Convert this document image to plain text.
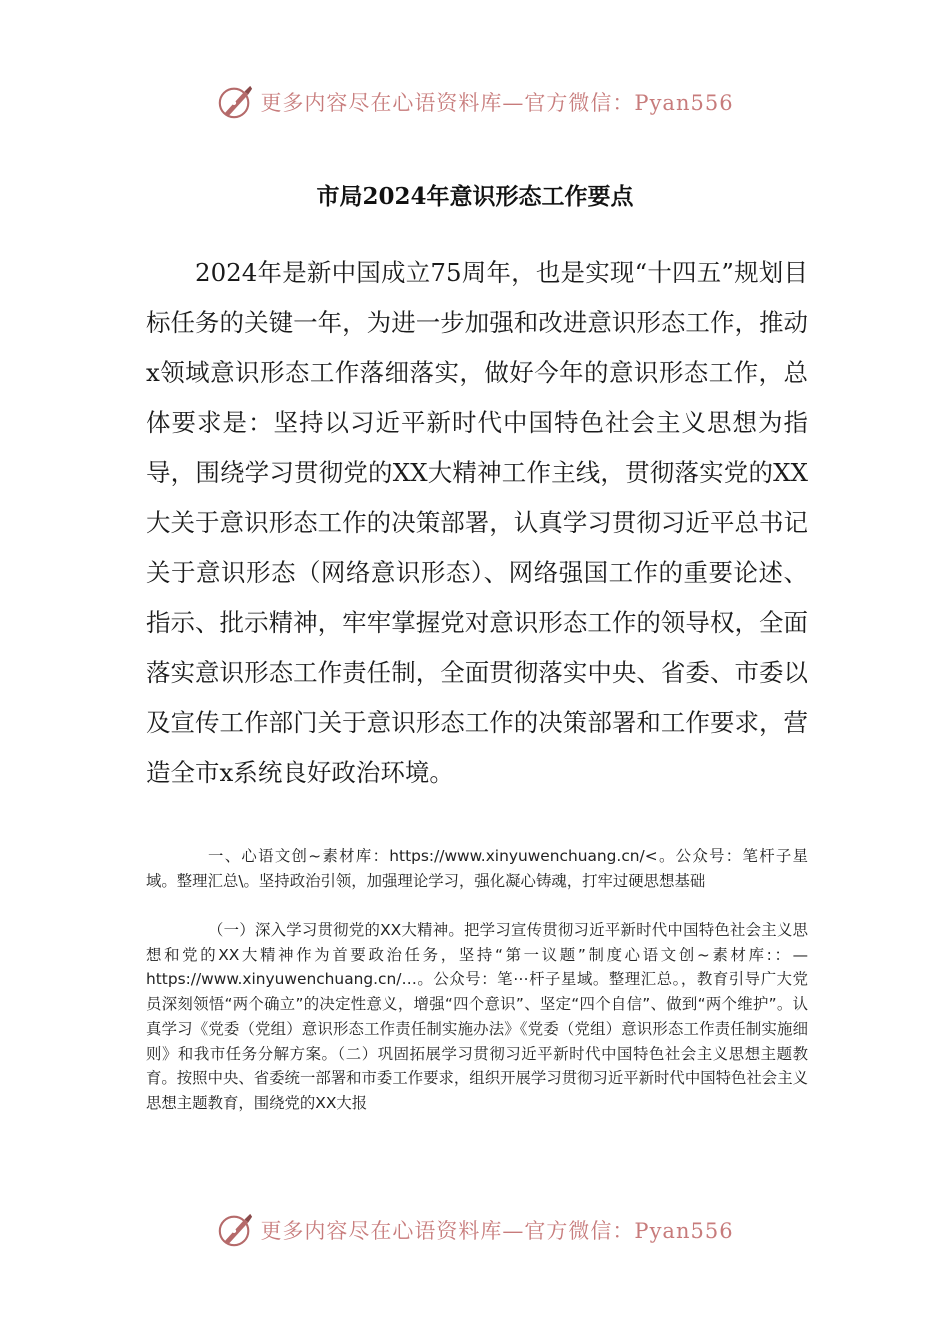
更多内容尽在心语资料库—官方微信：Pyan556
市局2024年意识形态工作要点

2024年是新中国成立75周年，也是实现“十四五”规划目标任务的关键一年，为进一步加强和改进意识形态工作，推动x领域意识形态工作落细落实，做好今年的意识形态工作，总体要求是：坚持以习近平新时代中国特色社会主义思想为指导，围绕学习贯彻党的XX大精神工作主线，贯彻落实党的XX大关于意识形态工作的决策部署，认真学习贯彻习近平总书记关于意识形态（网络意识形态）、网络强国工作的重要论述、指示、批示精神，牢牢掌握党对意识形态工作的领导权，全面落实意识形态工作责任制，全面贯彻落实中央、省委、市委以及宣传工作部门关于意识形态工作的决策部署和工作要求，营造全市x系统良好政治环境。

一、心语文创~素材库：https://www.xinyuwenchuang.cn/<。公众号：笔杆子星域。整理汇总\。坚持政治引领，加强理论学习，强化凝心铸魂，打牢过硬思想基础

（一）深入学习贯彻党的XX大精神。把学习宣传贯彻习近平新时代中国特色社会主义思想和党的XX大精神作为首要政治任务，坚持“第一议题”制度心语文创~素材库:：—https://www.xinyuwenchuang.cn/…。公众号：笔⋯杆子星域。整理汇总。，教育引导广大党员深刻领悟“两个确立”的决定性意义，增强“四个意识”、坚定“四个自信”、做到“两个维护”。认真学习《党委（党组）意识形态工作责任制实施办法》《党委（党组）意识形态工作责任制实施细则》和我市任务分解方案。（二）巩固拓展学习贯彻习近平新时代中国特色社会主义思想主题教育。按照中央、省委统一部署和市委工作要求，组织开展学习贯彻习近平新时代中国特色社会主义思想主题教育，围绕党的XX大报

更多内容尽在心语资料库—官方微信：Pyan556
